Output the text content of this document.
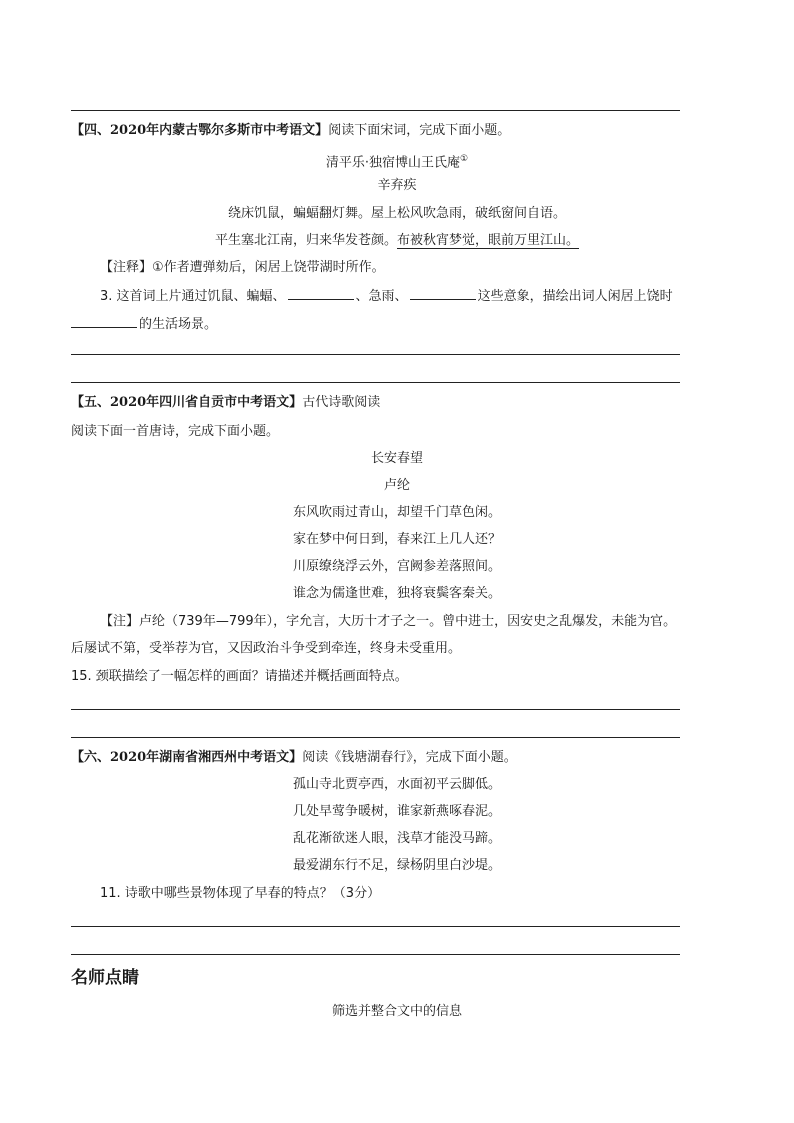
【四、2020年内蒙古鄂尔多斯市中考语文】阅读下面宋词，完成下面小题。
清平乐·独宿博山王氏庵①
辛弃疾
绕床饥鼠，蝙蝠翻灯舞。屋上松风吹急雨，破纸窗间自语。
平生塞北江南，归来华发苍颜。布被秋宵梦觉，眼前万里江山。
【注释】①作者遭弹劾后，闲居上饶带湖时所作。
3. 这首词上片通过饥鼠、蝙蝠、	、急雨、	这些意象，描绘出词人闲居上饶时
的生活场景。
【五、2020年四川省自贡市中考语文】古代诗歌阅读
阅读下面一首唐诗，完成下面小题。
长安春望
卢纶
东风吹雨过青山，却望千门草色闲。
家在梦中何日到，春来江上几人还？
川原缭绕浮云外，宫阙参差落照间。
谁念为儒逢世难，独将衰鬓客秦关。
【注】卢纶（739年—799年），字允言，大历十才子之一。曾中进士，因安史之乱爆发，未能为官。
后屡试不第，受举荐为官，又因政治斗争受到牵连，终身未受重用。
15. 颈联描绘了一幅怎样的画面？请描述并概括画面特点。
【六、2020年湖南省湘西州中考语文】阅读《钱塘湖春行》，完成下面小题。
孤山寺北贾亭西，水面初平云脚低。
几处早莺争暖树，谁家新燕啄春泥。
乱花渐欲迷人眼，浅草才能没马蹄。
最爱湖东行不足，绿杨阴里白沙堤。
11. 诗歌中哪些景物体现了早春的特点？（3分）
名师点睛
筛选并整合文中的信息
